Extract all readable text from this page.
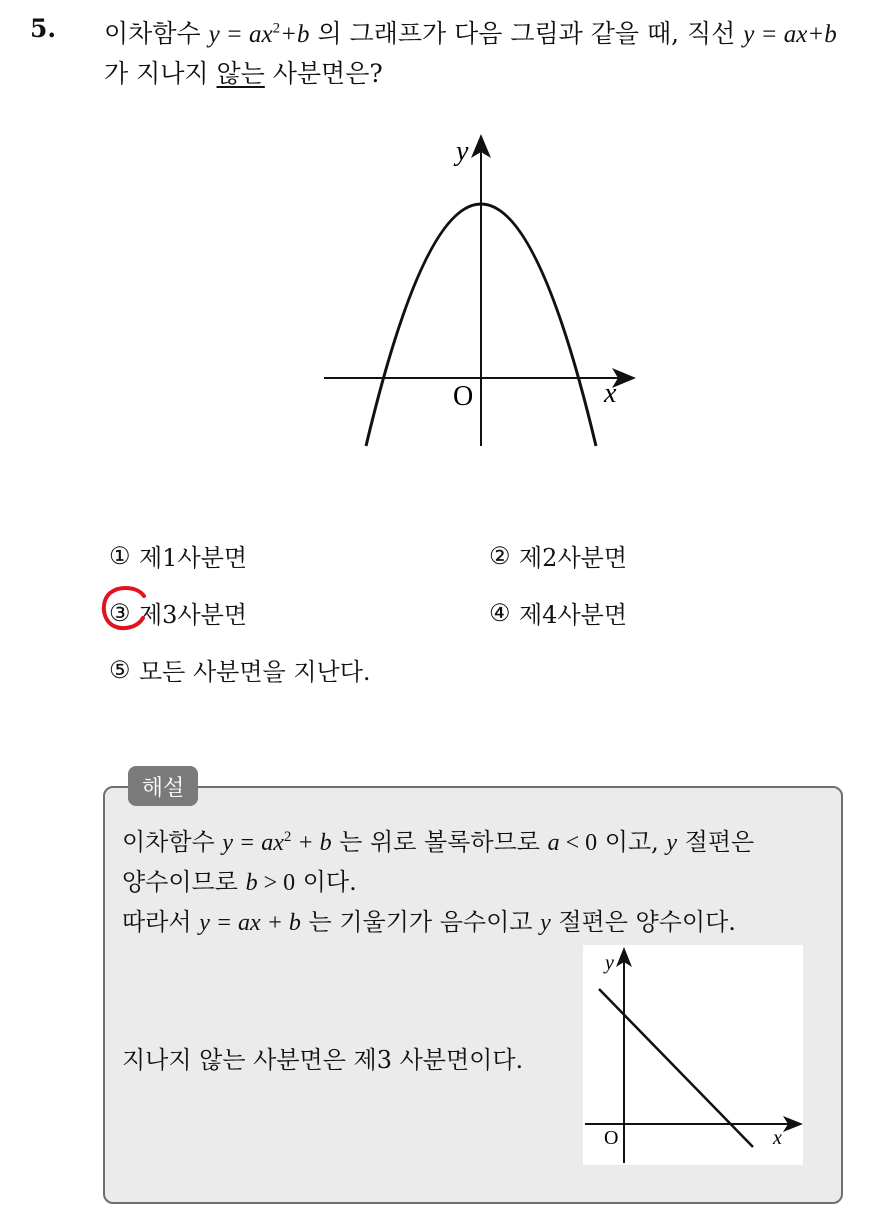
5. 이차함수 $y = ax^2+b$ 의 그래프가 다음 그림과 같을 때, 직선 y = ax+b
가 지나지 않는 사분면은?
y
x
O
① 제1사분면	② 제2사분면
③ 제3사분면	④ 제4사분면
⑤ 모든 사분면을 지난다.
해설
이차함수 $y = ax^2 + b$ 는 위로 볼록하므로 a < 0 이고, y 절편은
양수이므로 b > 0 이다.
따라서 y = ax + b 는 기울기가 음수이고 y 절편은 양수이다.
지나지 않는 사분면은 제3 사분면이다.
y
x
O
